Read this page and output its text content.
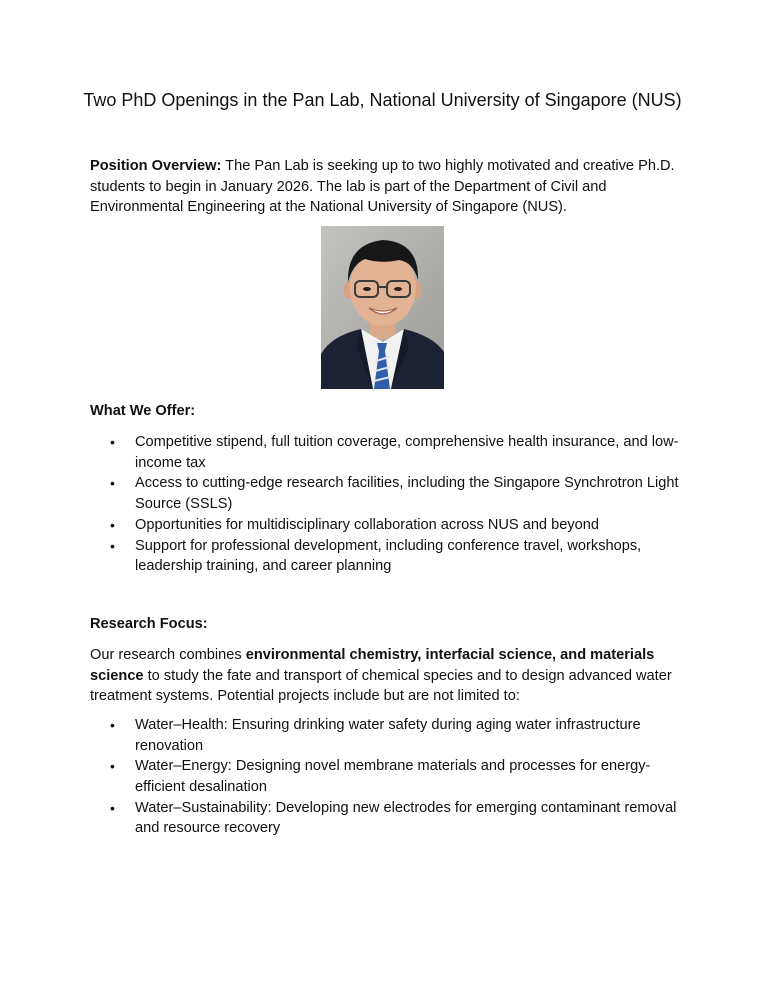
Two PhD Openings in the Pan Lab, National University of Singapore (NUS)

Position Overview: The Pan Lab is seeking up to two highly motivated and creative Ph.D. students to begin in January 2026. The lab is part of the Department of Civil and Environmental Engineering at the National University of Singapore (NUS).

What We Offer:
• Competitive stipend, full tuition coverage, comprehensive health insurance, and low-income tax
• Access to cutting-edge research facilities, including the Singapore Synchrotron Light Source (SSLS)
• Opportunities for multidisciplinary collaboration across NUS and beyond
• Support for professional development, including conference travel, workshops, leadership training, and career planning
Research Focus:

Our research combines environmental chemistry, interfacial science, and materials science to study the fate and transport of chemical species and to design advanced water treatment systems. Potential projects include but are not limited to:

• Water–Health: Ensuring drinking water safety during aging water infrastructure renovation
• Water–Energy: Designing novel membrane materials and processes for energy-efficient desalination
• Water–Sustainability: Developing new electrodes for emerging contaminant removal and resource recovery
